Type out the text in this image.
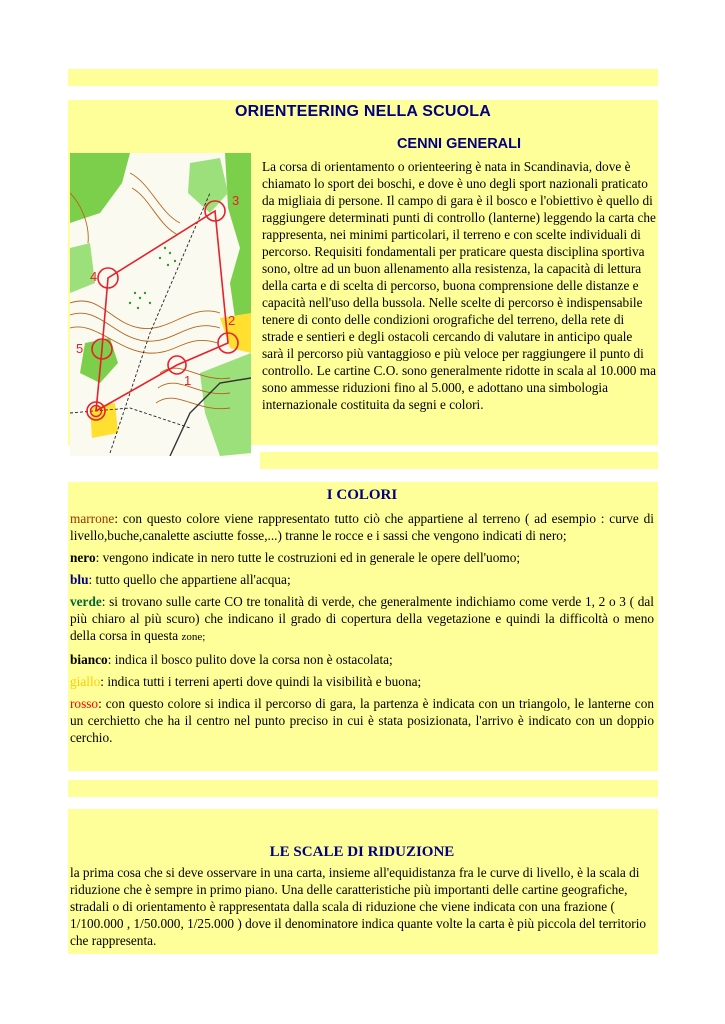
ORIENTEERING NELLA SCUOLA
CENNI GENERALI
1
2
3
4
5

La corsa di orientamento o orienteering è nata in Scandinavia, dove è chiamato lo sport dei boschi, e dove è uno degli sport nazionali praticato da migliaia di persone. Il campo di gara è il bosco e l'obiettivo è quello di raggiungere determinati punti di controllo (lanterne) leggendo la carta che rappresenta, nei minimi particolari, il terreno e con scelte individuali di percorso. Requisiti fondamentali per praticare questa disciplina sportiva sono, oltre ad un buon allenamento alla resistenza, la capacità di lettura della carta e di scelta di percorso, buona comprensione delle distanze e capacità nell'uso della bussola. Nelle scelte di percorso è indispensabile tenere di conto delle condizioni orografiche del terreno, della rete di strade e sentieri e degli ostacoli cercando di valutare in anticipo quale sarà il percorso più vantaggioso e più veloce per raggiungere il punto di controllo. Le cartine C.O. sono generalmente ridotte in scala al 10.000 ma sono ammesse riduzioni fino al 5.000, e adottano una simbologia internazionale costituita da segni e colori.

I COLORI

marrone: con questo colore viene rappresentato tutto ciò che appartiene al terreno ( ad esempio : curve di livello,buche,canalette asciutte fosse,...) tranne le rocce e i sassi che vengono indicati di nero;

nero: vengono indicate in nero tutte le costruzioni ed in generale le opere dell'uomo;

blu: tutto quello che appartiene all'acqua;

verde: si trovano sulle carte CO tre tonalità di verde, che generalmente indichiamo come verde 1, 2 o 3 ( dal più chiaro al più scuro) che indicano il grado di copertura della vegetazione e quindi la difficoltà o meno della corsa in questa zone;

bianco: indica il bosco pulito dove la corsa non è ostacolata;

giallo: indica tutti i terreni aperti dove quindi la visibilità e buona;

rosso: con questo colore si indica il percorso di gara, la partenza è indicata con un triangolo, le lanterne con un cerchietto che ha il centro nel punto preciso in cui è stata posizionata, l'arrivo è indicato con un doppio cerchio.

LE SCALE DI RIDUZIONE

la prima cosa che si deve osservare in una carta, insieme all'equidistanza fra le curve di livello, è la scala di riduzione che è sempre in primo piano. Una delle caratteristiche più importanti delle cartine geografiche, stradali o di orientamento è rappresentata dalla scala di riduzione che viene indicata con una frazione ( 1/100.000 , 1/50.000, 1/25.000 ) dove il denominatore indica quante volte la carta è più piccola del territorio che rappresenta.
